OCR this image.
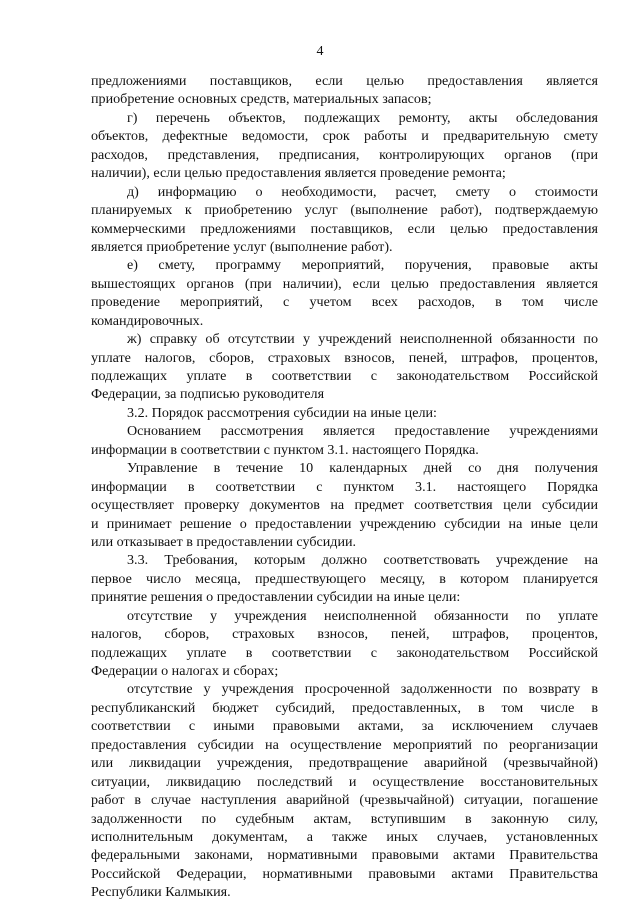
4
предложениями поставщиков, если целью предоставления является
приобретение основных средств, материальных запасов;
г) перечень объектов, подлежащих ремонту, акты обследования
объектов, дефектные ведомости, срок работы и предварительную смету
расходов, представления, предписания, контролирующих органов (при
наличии), если целью предоставления является проведение ремонта;
д) информацию о необходимости, расчет, смету о стоимости
планируемых к приобретению услуг (выполнение работ), подтверждаемую
коммерческими предложениями поставщиков, если целью предоставления
является приобретение услуг (выполнение работ).
е) смету, программу мероприятий, поручения, правовые акты
вышестоящих органов (при наличии), если целью предоставления является
проведение мероприятий, с учетом всех расходов, в том числе
командировочных.
ж) справку об отсутствии у учреждений неисполненной обязанности по
уплате налогов, сборов, страховых взносов, пеней, штрафов, процентов,
подлежащих уплате в соответствии с законодательством Российской
Федерации, за подписью руководителя
3.2. Порядок рассмотрения субсидии на иные цели:
Основанием рассмотрения является предоставление учреждениями
информации в соответствии с пунктом 3.1. настоящего Порядка.
Управление в течение 10 календарных дней со дня получения
информации в соответствии с пунктом 3.1. настоящего Порядка
осуществляет проверку документов на предмет соответствия цели субсидии
и принимает решение о предоставлении учреждению субсидии на иные цели
или отказывает в предоставлении субсидии.
3.3. Требования, которым должно соответствовать учреждение на
первое число месяца, предшествующего месяцу, в котором планируется
принятие решения о предоставлении субсидии на иные цели:
отсутствие у учреждения неисполненной обязанности по уплате
налогов, сборов, страховых взносов, пеней, штрафов, процентов,
подлежащих уплате в соответствии с законодательством Российской
Федерации о налогах и сборах;
отсутствие у учреждения просроченной задолженности по возврату в
республиканский бюджет субсидий, предоставленных, в том числе в
соответствии с иными правовыми актами, за исключением случаев
предоставления субсидии на осуществление мероприятий по реорганизации
или ликвидации учреждения, предотвращение аварийной (чрезвычайной)
ситуации, ликвидацию последствий и осуществление восстановительных
работ в случае наступления аварийной (чрезвычайной) ситуации, погашение
задолженности по судебным актам, вступившим в законную силу,
исполнительным документам, а также иных случаев, установленных
федеральными законами, нормативными правовыми актами Правительства
Российской Федерации, нормативными правовыми актами Правительства
Республики Калмыкия.
